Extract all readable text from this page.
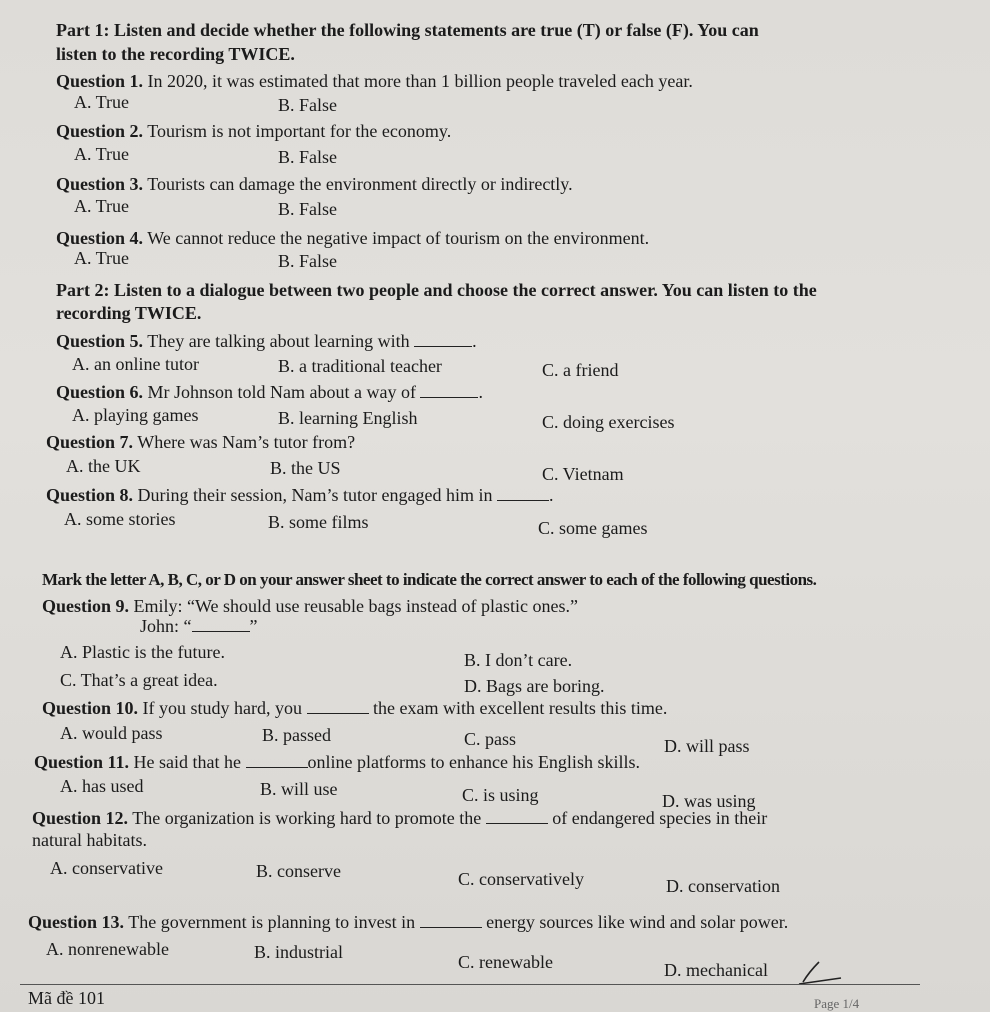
Part 1: Listen and decide whether the following statements are true (T) or false (F). You can
listen to the recording TWICE.
Question 1. In 2020, it was estimated that more than 1 billion people traveled each year.
A. True	B. False
Question 2. Tourism is not important for the economy.
A. True	B. False
Question 3. Tourists can damage the environment directly or indirectly.
A. True	B. False
Question 4. We cannot reduce the negative impact of tourism on the environment.
A. True	B. False
Part 2: Listen to a dialogue between two people and choose the correct answer. You can listen to the
recording TWICE.
Question 5. They are talking about learning with	.
A. an online tutor	B. a traditional teacher	C. a friend
Question 6. Mr Johnson told Nam about a way of	.
A. playing games	B. learning English	C. doing exercises
Question 7. Where was Nam’s tutor from?
A. the UK	B. the US	C. Vietnam
Question 8. During their session, Nam’s tutor engaged him in	.
A. some stories	B. some films	C. some games
Mark the letter A, B, C, or D on your answer sheet to indicate the correct answer to each of the following questions.
Question 9. Emily: “We should use reusable bags instead of plastic ones.”
John: “	”
A. Plastic is the future.	B. I don’t care.
C. That’s a great idea.	D. Bags are boring.
Question 10. If you study hard, you	the exam with excellent results this time.
A. would pass	B. passed	C. pass	D. will pass
Question 11. He said that he	online platforms to enhance his English skills.
A. has used	B. will use	C. is using	D. was using
Question 12. The organization is working hard to promote the	of endangered species in their
natural habitats.
A. conservative	B. conserve	C. conservatively	D. conservation
Question 13. The government is planning to invest in	energy sources like wind and solar power.
A. nonrenewable	B. industrial	C. renewable	D. mechanical
Mã đề 101	Page 1/4
